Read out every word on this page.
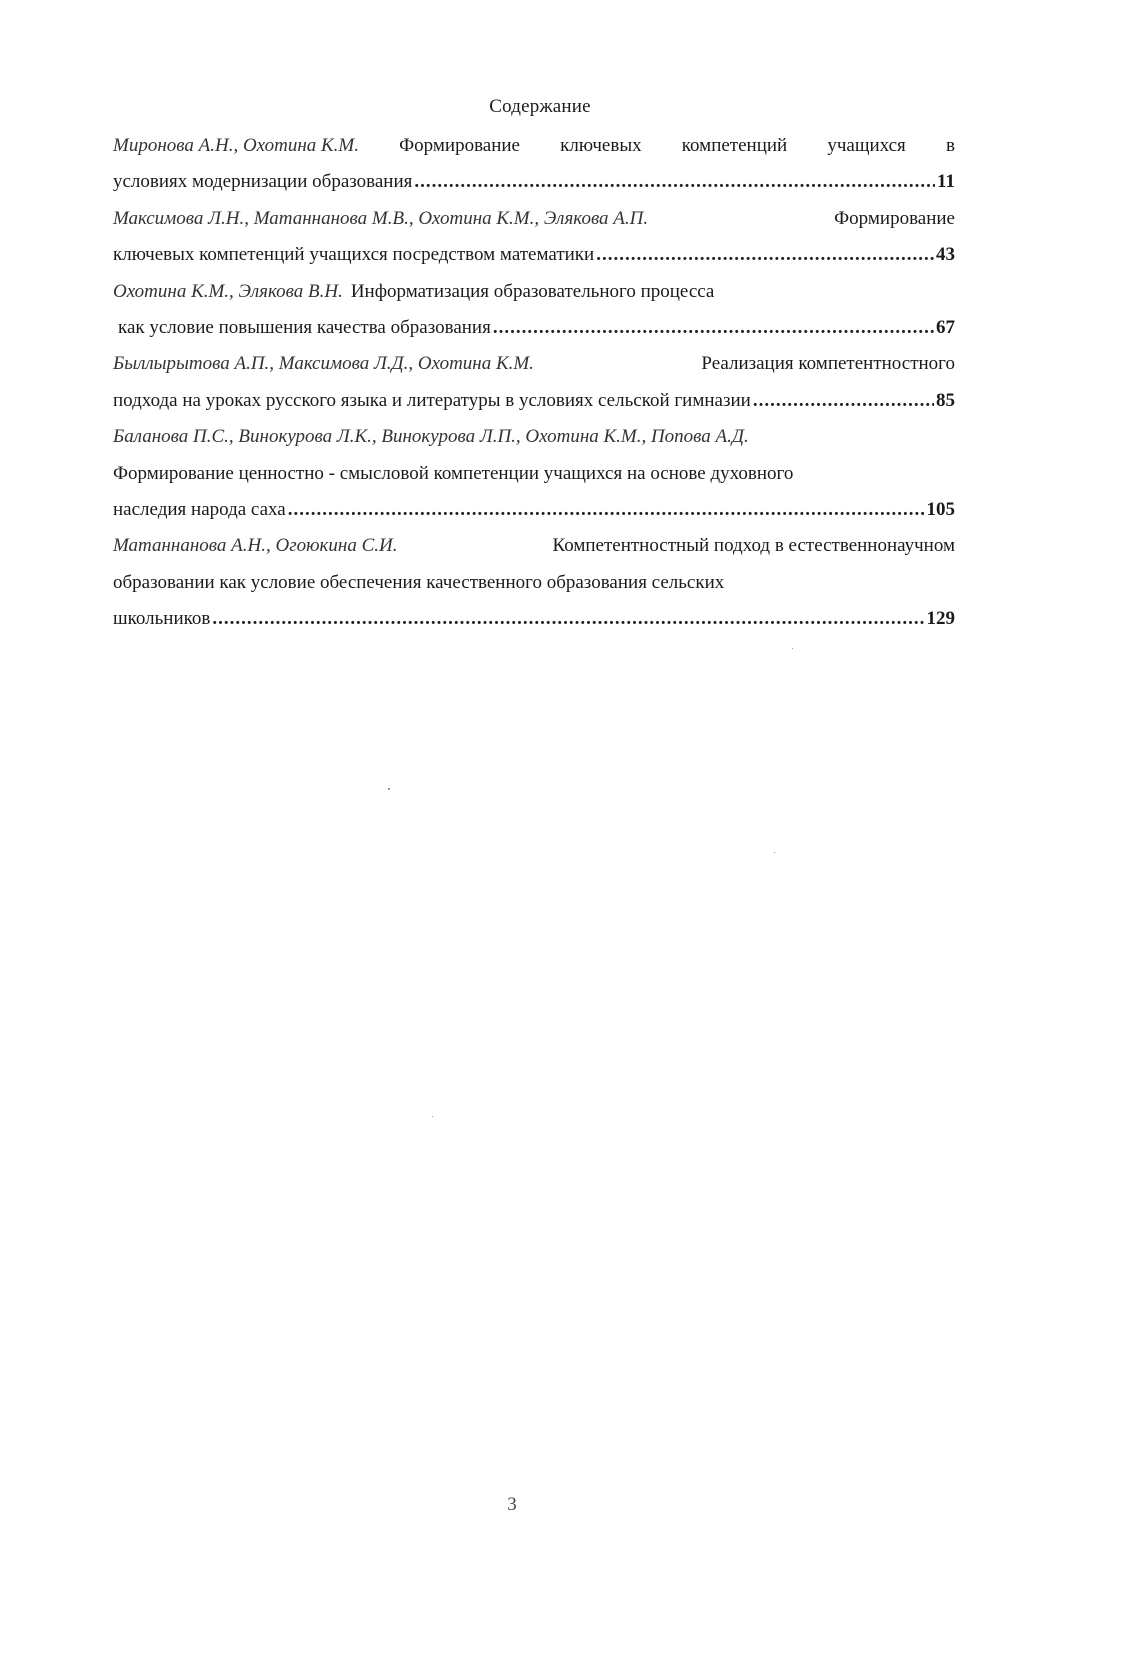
Содержание
Миронова А.Н., Охотина К.М. Формирование ключевых компетенций учащихся в
условиях модернизации образования .....	11
Максимова Л.Н., Матаннанова М.В., Охотина К.М., Элякова А.П.	Формирование
ключевых компетенций учащихся посредством математики .....	43
Охотина К.М., Элякова В.Н. Информатизация образовательного процесса
как условие повышения качества образования .....	67
Быллырытова А.П., Максимова Л.Д., Охотина К.М.	Реализация компетентностного
подхода на уроках русского языка и литературы в условиях сельской гимназии .....	85
Баланова П.С., Винокурова Л.К., Винокурова Л.П., Охотина К.М., Попова А.Д.
Формирование ценностно - смысловой компетенции учащихся на основе духовного
наследия народа саха .....	105
Матаннанова А.Н., Огоюкина С.И.	Компетентностный подход в естественнонаучном
образовании как условие обеспечения качественного образования сельских
школьников .....	129
3
